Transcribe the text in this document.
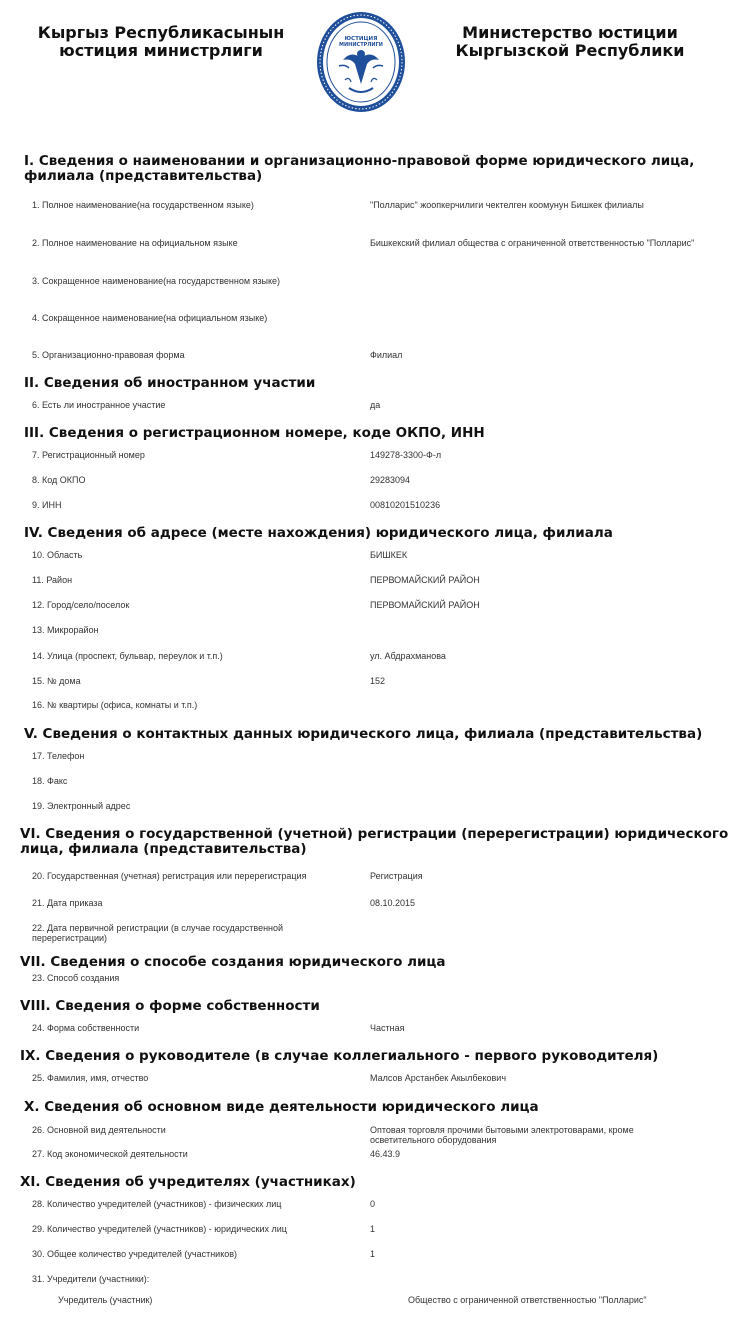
Кыргыз Республикасынын
юстиция министрлиги
ЮСТИЦИЯ
МИНИСТРЛИГИ
Министерство юстиции
Кыргызской Республики
I. Сведения о наименовании и организационно-правовой форме юридического лица, филиала (представительства)
1. Полное наименование(на государственном языке)	"Полларис" жоопкерчилиги чектелген коомунун Бишкек филиалы
2. Полное наименование на официальном языке	Бишкекский филиал общества с ограниченной ответственностью "Полларис"
3. Сокращенное наименование(на государственном языке)
4. Сокращенное наименование(на официальном языке)
5. Организационно-правовая форма	Филиал
II. Сведения об иностранном участии
6. Есть ли иностранное участие	да
III. Сведения о регистрационном номере, коде ОКПО, ИНН
7. Регистрационный номер	149278-3300-Ф-л
8. Код ОКПО	29283094
9. ИНН	00810201510236
IV. Сведения об адресе (месте нахождения) юридического лица, филиала
10. Область	БИШКЕК
11. Район	ПЕРВОМАЙСКИЙ РАЙОН
12. Город/село/поселок	ПЕРВОМАЙСКИЙ РАЙОН
13. Микрорайон
14. Улица (проспект, бульвар, переулок и т.п.)	ул. Абдрахманова
15. № дома	152
16. № квартиры (офиса, комнаты и т.п.)
V. Сведения о контактных данных юридического лица, филиала (представительства)
17. Телефон
18. Факс
19. Электронный адрес
VI. Сведения о государственной (учетной) регистрации (перерегистрации) юридического лица, филиала (представительства)
20. Государственная (учетная) регистрация или перерегистрация	Регистрация
21. Дата приказа	08.10.2015
22. Дата первичной регистрации (в случае государственной перерегистрации)
VII. Сведения о способе создания юридического лица
23. Способ создания
VIII. Сведения о форме собственности
24. Форма собственности	Частная
IX. Сведения о руководителе (в случае коллегиального - первого руководителя)
25. Фамилия, имя, отчество	Малсов Арстанбек Акылбекович
X. Сведения об основном виде деятельности юридического лица
26. Основной вид деятельности	Оптовая торговля прочими бытовыми электротоварами, кроме осветительного оборудования
27. Код экономической деятельности	46.43.9
XI. Сведения об учредителях (участниках)
28. Количество учредителей (участников) - физических лиц	0
29. Количество учредителей (участников) - юридических лиц	1
30. Общее количество учредителей (участников)	1
31. Учредители (участники):
Учредитель (участник)	Общество с ограниченной ответственностью "Полларис"
